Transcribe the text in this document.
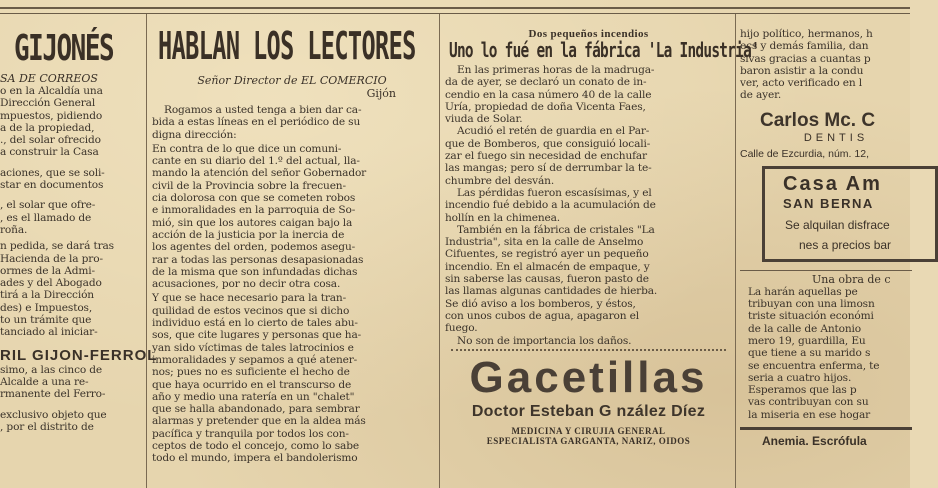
GIJONÉS

SA DE CORREOS

o en la Alcaldía una
Dirección General
mpuestos, pidiendo
a de la propiedad,
., del solar ofrecido
a construir la Casa

aciones, que se soli-
star en documentos

, el solar que ofre-
, es el llamado de
roña.

n pedida, se dará tras
Hacienda de la pro-
ormes de la Admi-
ades y del Abogado
tirá a la Dirección
des) e Impuestos,
to un trámite que
tanciado al iniciar-

RIL GIJON-FERROL

simo, a las cinco de
Alcalde a una re-
rmanente del Ferro-

exclusivo objeto que
, por el distrito de

HABLAN LOS LECTORES

Señor Director de EL COMERCIO

Gijón

Rogamos a usted tenga a bien dar ca-
bida a estas líneas en el periódico de su
digna dirección:

En contra de lo que dice un comuni-
cante en su diario del 1.º del actual, lla-
mando la atención del señor Gobernador
civil de la Provincia sobre la frecuen-
cia dolorosa con que se cometen robos
e inmoralidades en la parroquia de So-
mió, sin que los autores caigan bajo la
acción de la justicia por la inercia de
los agentes del orden, podemos asegu-
rar a todas las personas desapasionadas
de la misma que son infundadas dichas
acusaciones, por no decir otra cosa.

Y que se hace necesario para la tran-
quilidad de estos vecinos que si dicho
individuo está en lo cierto de tales abu-
sos, que cite lugares y personas que ha-
yan sido víctimas de tales latrocinios e
inmoralidades y sepamos a qué atener-
nos; pues no es suficiente el hecho de
que haya ocurrido en el transcurso de
año y medio una ratería en un "chalet"
que se halla abandonado, para sembrar
alarmas y pretender que en la aldea más
pacífica y tranquila por todos los con-
ceptos de todo el concejo, como lo sabe
todo el mundo, impera el bandolerismo

Dos pequeños incendios

Uno lo fué en la fábrica 'La Industria'

En las primeras horas de la madruga-
da de ayer, se declaró un conato de in-
cendio en la casa número 40 de la calle
Uría, propiedad de doña Vicenta Faes,
viuda de Solar.

Acudió el retén de guardia en el Par-
que de Bomberos, que consiguió locali-
zar el fuego sin necesidad de enchufar
las mangas; pero sí de derrumbar la te-
chumbre del desván.

Las pérdidas fueron escasísimas, y el
incendio fué debido a la acumulación de
hollín en la chimenea.

También en la fábrica de cristales "La
Industria", sita en la calle de Anselmo
Cifuentes, se registró ayer un pequeño
incendio. En el almacén de empaque, y
sin saberse las causas, fueron pasto de
las llamas algunas cantidades de hierba.
Se dió aviso a los bomberos, y éstos,
con unos cubos de agua, apagaron el
fuego.

No son de importancia los daños.

Gacetillas

Doctor Esteban G nzález Díez

MEDICINA Y CIRUJIA GENERAL

ESPECIALISTA GARGANTA, NARIZ, OIDOS

hijo político, hermanos, h
ecs y demás familia, dan
sivas gracias a cuantas p
baron asistir a la condu
ver, acto verificado en l
de ayer.

Carlos Mc. C

DENTIS

Calle de Ezcurdia, núm. 12,

Casa Am

SAN BERNA

Se alquilan disfrace

nes a precios bar

Una obra de c

La harán aquellas pe
tribuyan con una limosn
triste situación económi
de la calle de Antonio
mero 19, guardilla, Eu
que tiene a su marido s
se encuentra enferma, te
seria a cuatro hijos.

Esperamos que las p
vas contribuyan con su
la miseria en ese hogar

Anemia. Escrófula
